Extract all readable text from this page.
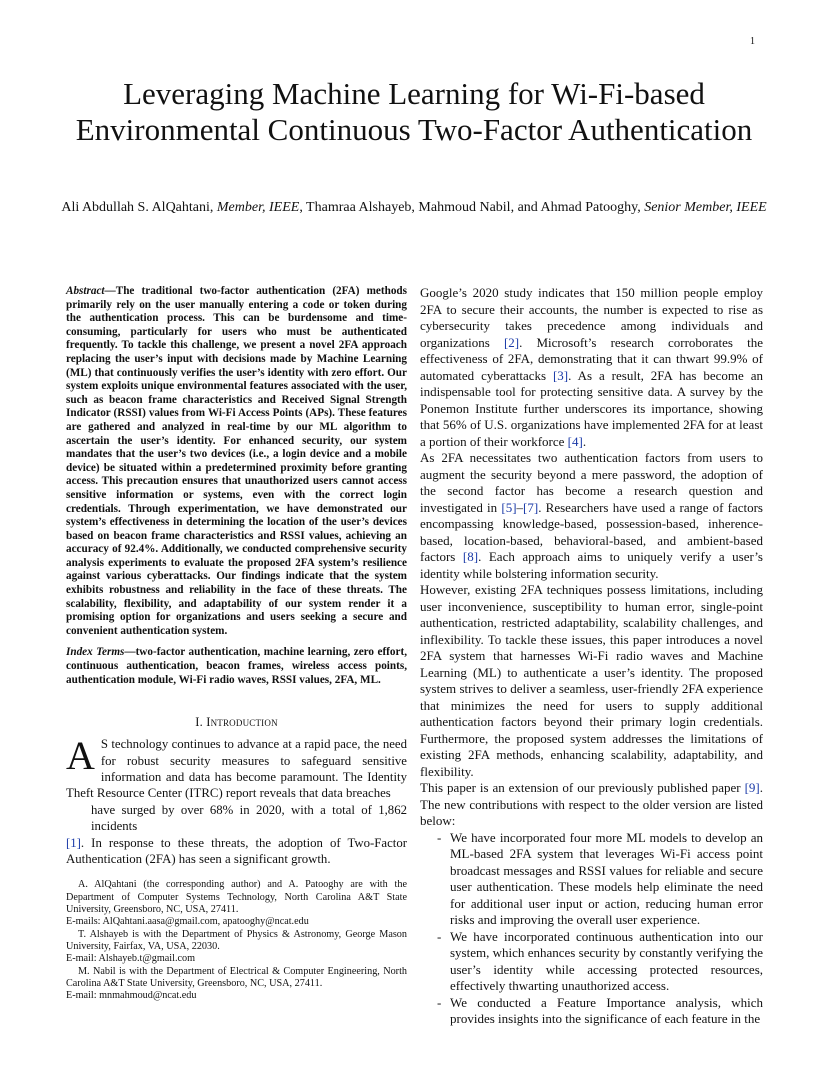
1
Leveraging Machine Learning for Wi-Fi-based Environmental Continuous Two-Factor Authentication
Ali Abdullah S. AlQahtani, Member, IEEE, Thamraa Alshayeb, Mahmoud Nabil, and Ahmad Patooghy, Senior Member, IEEE
Abstract—The traditional two-factor authentication (2FA) methods primarily rely on the user manually entering a code or token during the authentication process. This can be burdensome and time-consuming, particularly for users who must be authenticated frequently. To tackle this challenge, we present a novel 2FA approach replacing the user’s input with decisions made by Machine Learning (ML) that continuously verifies the user’s identity with zero effort. Our system exploits unique environmental features associated with the user, such as beacon frame characteristics and Received Signal Strength Indicator (RSSI) values from Wi-Fi Access Points (APs). These features are gathered and analyzed in real-time by our ML algorithm to ascertain the user’s identity. For enhanced security, our system mandates that the user’s two devices (i.e., a login device and a mobile device) be situated within a predetermined proximity before granting access. This precaution ensures that unauthorized users cannot access sensitive information or systems, even with the correct login credentials. Through experimentation, we have demonstrated our system’s effectiveness in determining the location of the user’s devices based on beacon frame characteristics and RSSI values, achieving an accuracy of 92.4%. Additionally, we conducted comprehensive security analysis experiments to evaluate the proposed 2FA system’s resilience against various cyberattacks. Our findings indicate that the system exhibits robustness and reliability in the face of these threats. The scalability, flexibility, and adaptability of our system render it a promising option for organizations and users seeking a secure and convenient authentication system.
Index Terms—two-factor authentication, machine learning, zero effort, continuous authentication, beacon frames, wireless access points, authentication module, Wi-Fi radio waves, RSSI values, 2FA, ML.
I. Introduction
A S technology continues to advance at a rapid pace, the need for robust security measures to safeguard sensitive information and data has become paramount. The Identity Theft Resource Center (ITRC) report reveals that data breaches
have surged by over 68% in 2020, with a total of 1,862 incidents
[1]. In response to these threats, the adoption of Two-Factor Authentication (2FA) has seen a significant growth.

A. AlQahtani (the corresponding author) and A. Patooghy are with the Department of Computer Systems Technology, North Carolina A&T State University, Greensboro, NC, USA, 27411.

E-mails: AlQahtani.aasa@gmail.com, apatooghy@ncat.edu

T. Alshayeb is with the Department of Physics & Astronomy, George Mason University, Fairfax, VA, USA, 22030.

E-mail: Alshayeb.t@gmail.com

M. Nabil is with the Department of Electrical & Computer Engineering, North Carolina A&T State University, Greensboro, NC, USA, 27411.

E-mail: mnmahmoud@ncat.edu

Google’s 2020 study indicates that 150 million people employ 2FA to secure their accounts, the number is expected to rise as cybersecurity takes precedence among individuals and organizations [2]. Microsoft’s research corroborates the effectiveness of 2FA, demonstrating that it can thwart 99.9% of automated cyberattacks [3]. As a result, 2FA has become an indispensable tool for protecting sensitive data. A survey by the Ponemon Institute further underscores its importance, showing that 56% of U.S. organizations have implemented 2FA for at least a portion of their workforce [4].

As 2FA necessitates two authentication factors from users to augment the security beyond a mere password, the adoption of the second factor has become a research question and investigated in [5]–[7]. Researchers have used a range of factors encompassing knowledge-based, possession-based, inherence-based, location-based, behavioral-based, and ambient-based factors [8]. Each approach aims to uniquely verify a user’s identity while bolstering information security.

However, existing 2FA techniques possess limitations, including user inconvenience, susceptibility to human error, single-point authentication, restricted adaptability, scalability challenges, and inflexibility. To tackle these issues, this paper introduces a novel 2FA system that harnesses Wi-Fi radio waves and Machine Learning (ML) to authenticate a user’s identity. The proposed system strives to deliver a seamless, user-friendly 2FA experience that minimizes the need for users to supply additional authentication factors beyond their primary login credentials. Furthermore, the proposed system addresses the limitations of existing 2FA methods, enhancing scalability, adaptability, and flexibility.

This paper is an extension of our previously published paper [9]. The new contributions with respect to the older version are listed below:

- We have incorporated four more ML models to develop an ML-based 2FA system that leverages Wi-Fi access point broadcast messages and RSSI values for reliable and secure user authentication. These models help eliminate the need for additional user input or action, reducing human error risks and improving the overall user experience.
- We have incorporated continuous authentication into our system, which enhances security by constantly verifying the user’s identity while accessing protected resources, effectively thwarting unauthorized access.
- We conducted a Feature Importance analysis, which provides insights into the significance of each feature in the
